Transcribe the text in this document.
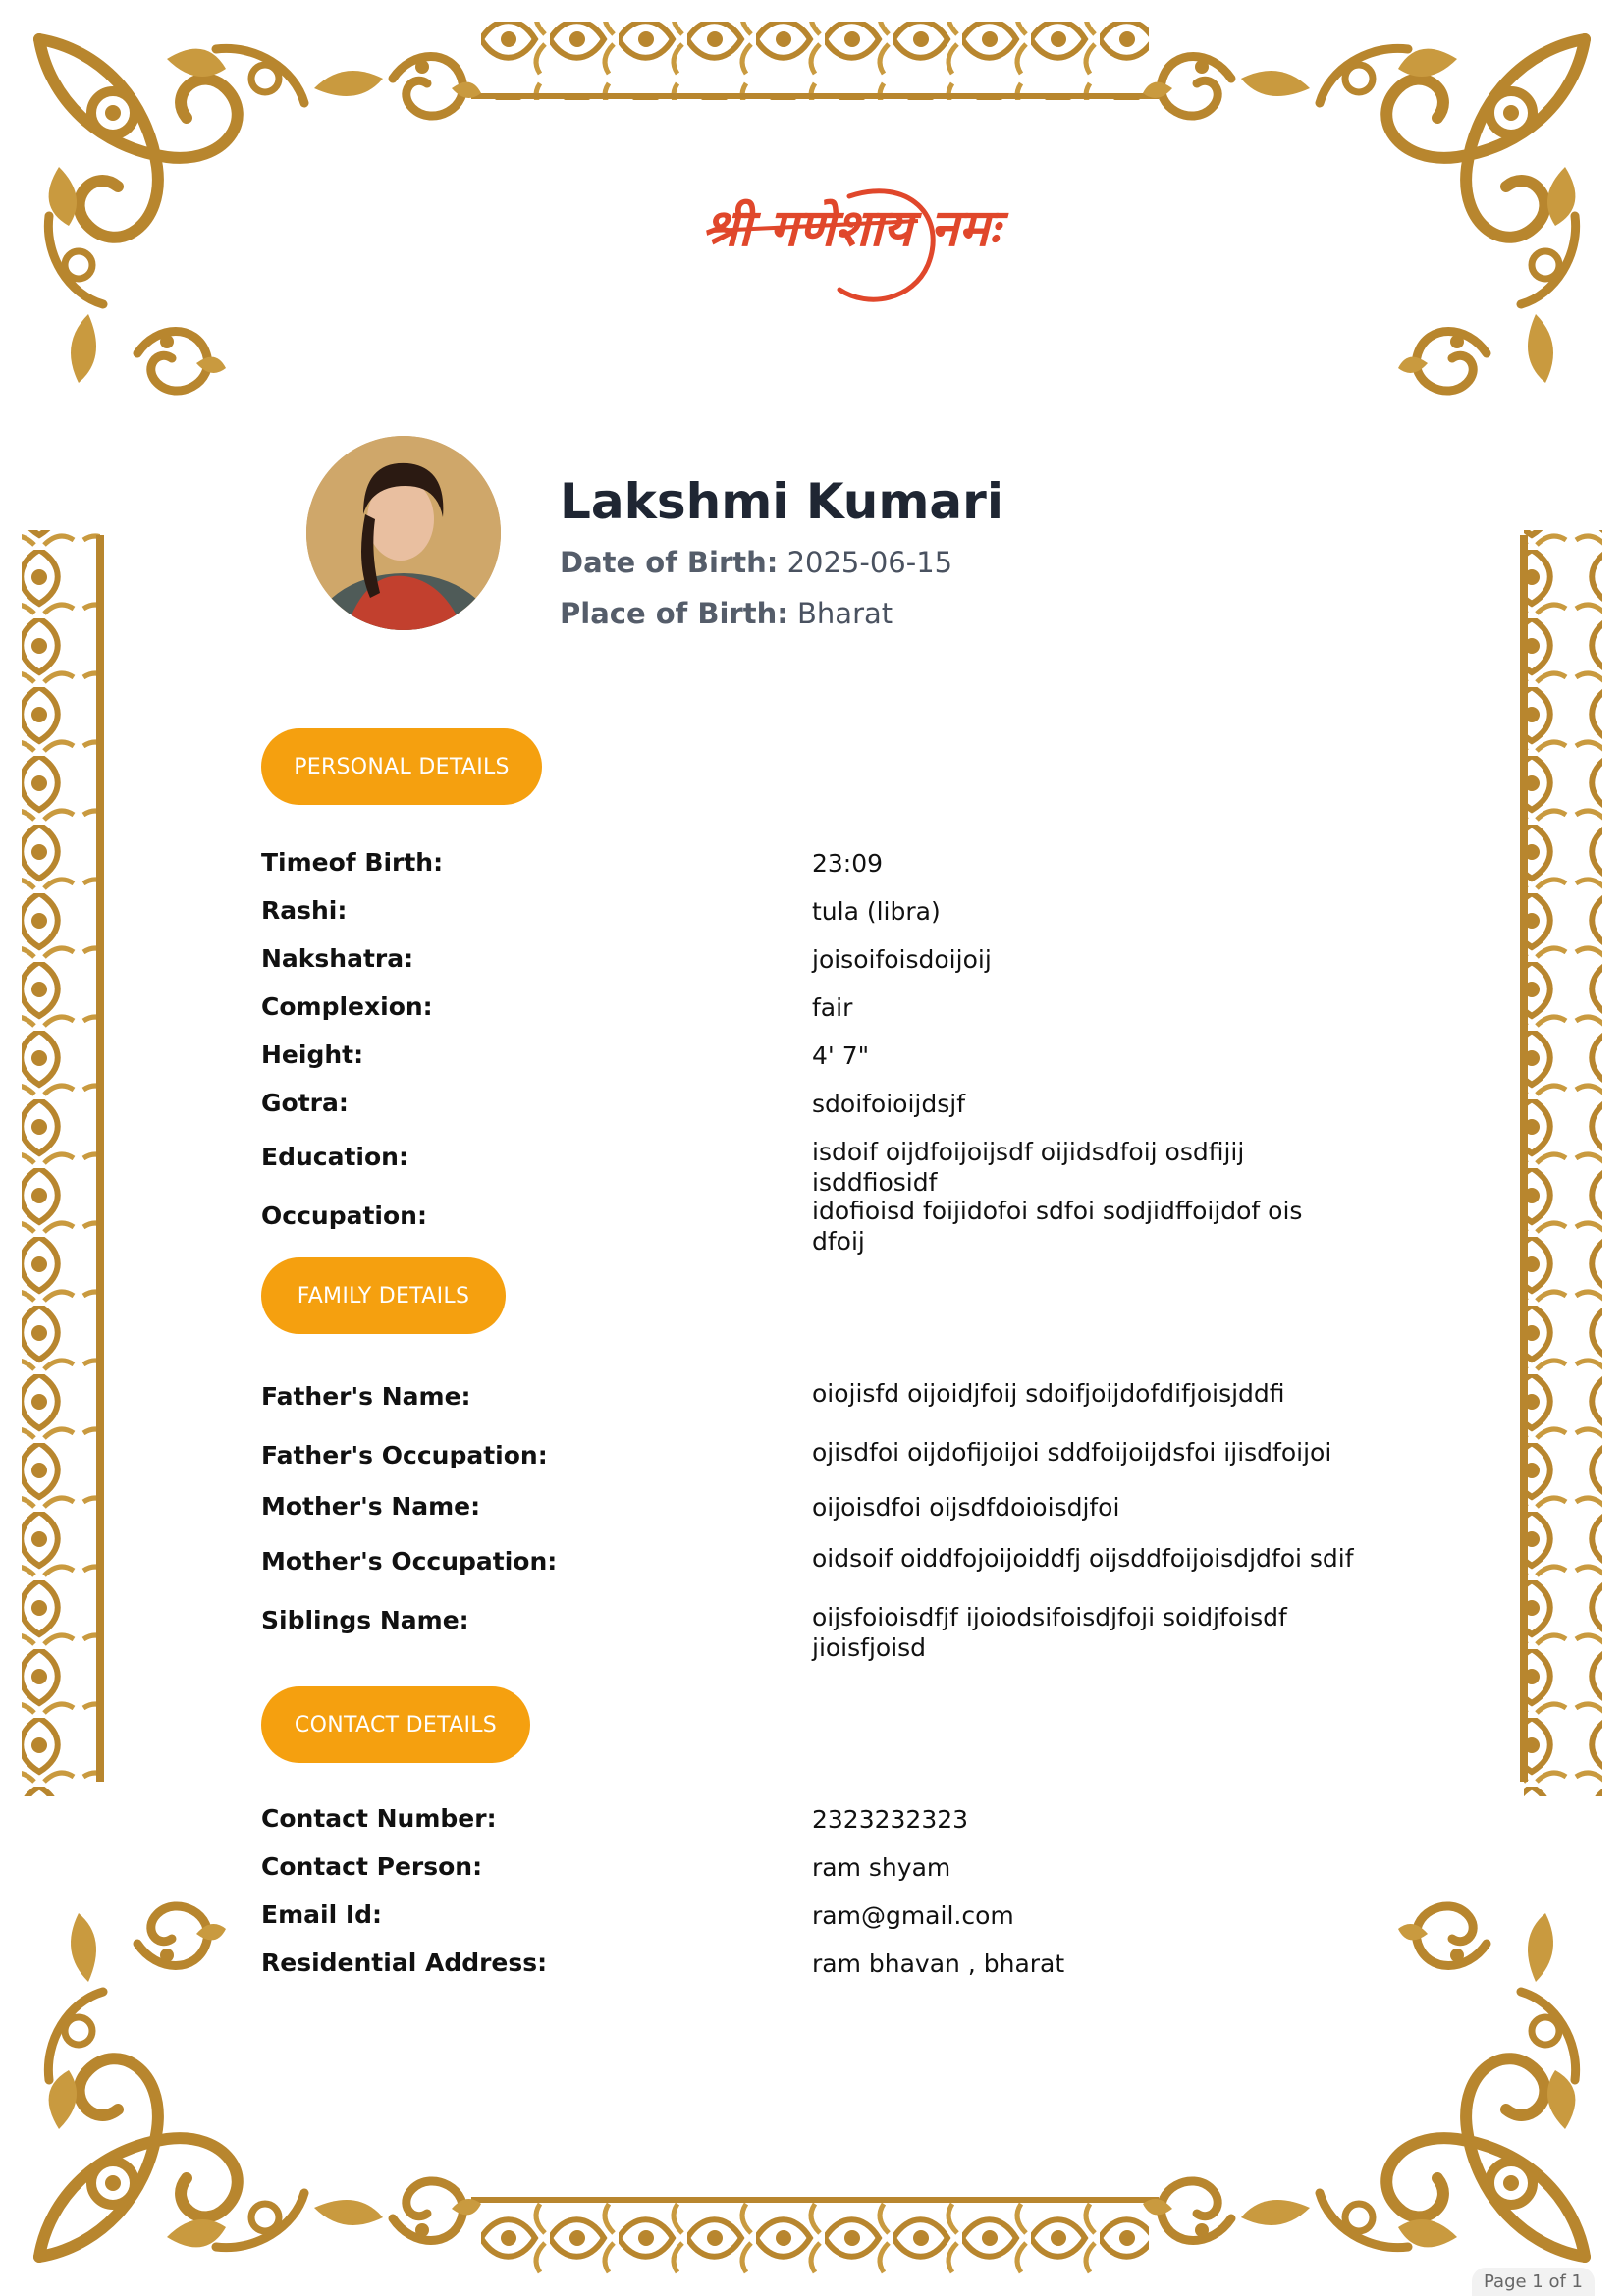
श्री गणेशाय नमः
Lakshmi Kumari
Date of Birth: 2025-06-15
Place of Birth: Bharat
PERSONAL DETAILS
Timeof Birth:	23:09
Rashi:	tula (libra)
Nakshatra:	joisoifoisdoijoij
Complexion:	fair
Height:	4' 7"
Gotra:	sdoifoioijdsjf
Education:	isdoif oijdfoijoijsdf oijidsdfoij osdfijij isddfiosidf
Occupation:	idofioisd foijidofoi sdfoi sodjidffoijdof ois dfoij
FAMILY DETAILS
Father's Name:	oiojisfd oijoidjfoij sdoifjoijdofdifjoisjddfi
Father's Occupation:	ojisdfoi oijdofijoijoi sddfoijoijdsfoi ijisdfoijoi
Mother's Name:	oijoisdfoi oijsdfdoioisdjfoi
Mother's Occupation:	oidsoif oiddfojoijoiddfj oijsddfoijoisdjdfoi sdif
Siblings Name:	oijsfoioisdfjf ijoiodsifoisdjfoji soidjfoisdf jioisfjoisd
CONTACT DETAILS
Contact Number:	2323232323
Contact Person:	ram shyam
Email Id:	ram@gmail.com
Residential Address:	ram bhavan , bharat
Page 1 of 1
